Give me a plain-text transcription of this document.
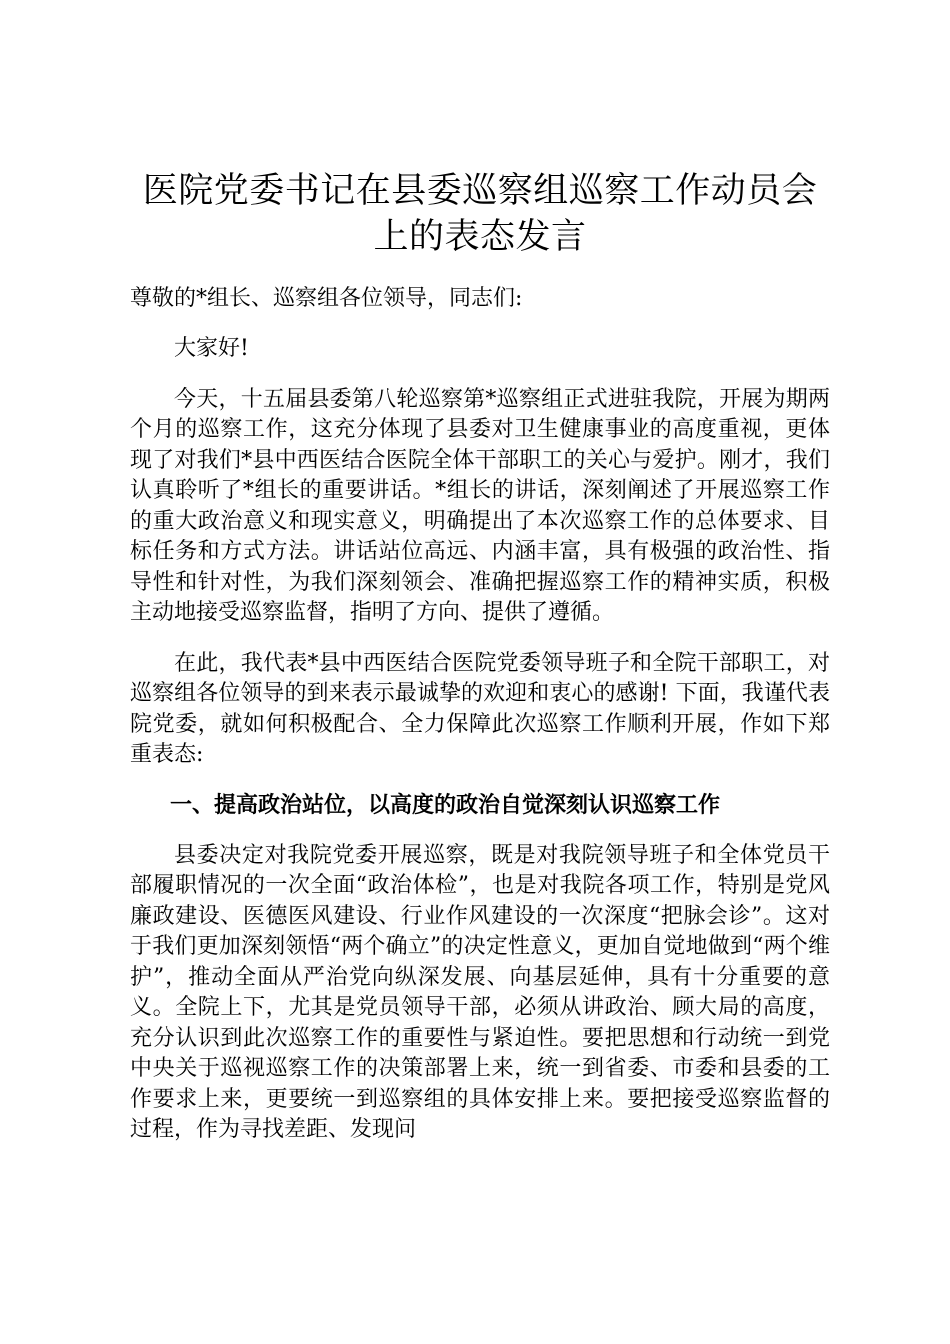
医院党委书记在县委巡察组巡察工作动员会上的表态发言

尊敬的*组长、巡察组各位领导，同志们:

大家好!

今天，十五届县委第八轮巡察第*巡察组正式进驻我院，开展为期两个月的巡察工作，这充分体现了县委对卫生健康事业的高度重视，更体现了对我们*县中西医结合医院全体干部职工的关心与爱护。刚才，我们认真聆听了*组长的重要讲话。*组长的讲话，深刻阐述了开展巡察工作的重大政治意义和现实意义，明确提出了本次巡察工作的总体要求、目标任务和方式方法。讲话站位高远、内涵丰富，具有极强的政治性、指导性和针对性，为我们深刻领会、准确把握巡察工作的精神实质，积极主动地接受巡察监督，指明了方向、提供了遵循。

在此，我代表*县中西医结合医院党委领导班子和全院干部职工，对巡察组各位领导的到来表示最诚挚的欢迎和衷心的感谢! 下面，我谨代表院党委，就如何积极配合、全力保障此次巡察工作顺利开展，作如下郑重表态:

一、提高政治站位，以高度的政治自觉深刻认识巡察工作

县委决定对我院党委开展巡察，既是对我院领导班子和全体党员干部履职情况的一次全面“政治体检”，也是对我院各项工作，特别是党风廉政建设、医德医风建设、行业作风建设的一次深度“把脉会诊”。这对于我们更加深刻领悟“两个确立”的决定性意义，更加自觉地做到“两个维护”，推动全面从严治党向纵深发展、向基层延伸，具有十分重要的意义。全院上下，尤其是党员领导干部，必须从讲政治、顾大局的高度，充分认识到此次巡察工作的重要性与紧迫性。要把思想和行动统一到党中央关于巡视巡察工作的决策部署上来，统一到省委、市委和县委的工作要求上来，更要统一到巡察组的具体安排上来。要把接受巡察监督的过程，作为寻找差距、发现问
